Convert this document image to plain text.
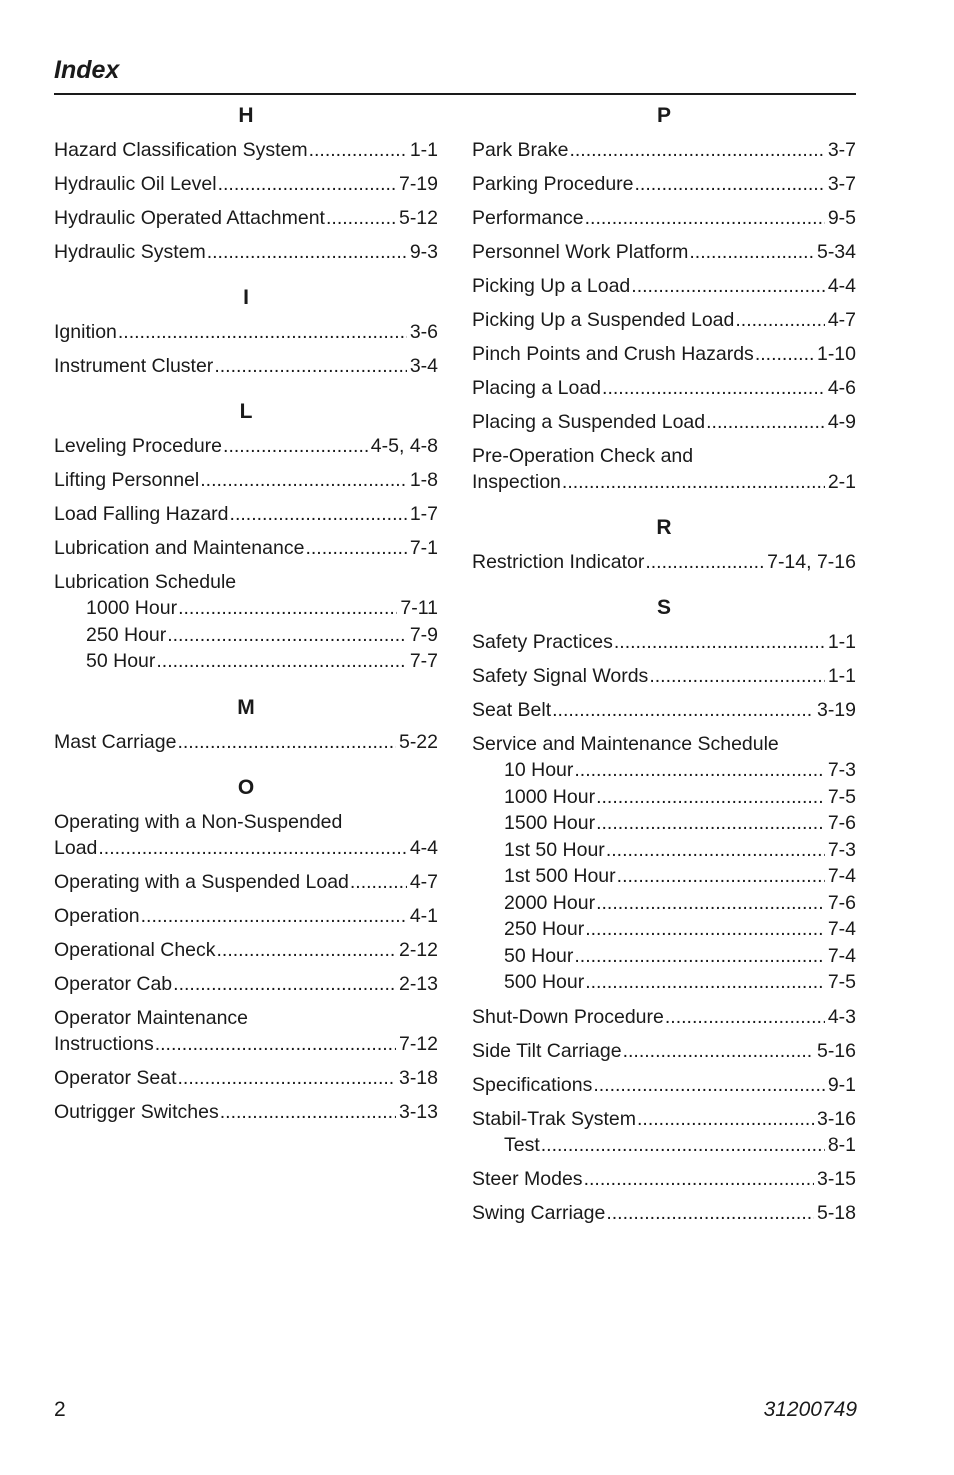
Index
H
Hazard Classification System .....	1-1
Hydraulic Oil Level .....	7-19
Hydraulic Operated Attachment .....	5-12
Hydraulic System .....	9-3
I
Ignition .....	3-6
Instrument Cluster .....	3-4
L
Leveling Procedure .....	4-5, 4-8
Lifting Personnel .....	1-8
Load Falling Hazard .....	1-7
Lubrication and Maintenance .....	7-1
Lubrication Schedule
1000 Hour .....	7-11
250 Hour .....	7-9
50 Hour .....	7-7
M
Mast Carriage .....	5-22
O
Operating with a Non-Suspended
Load .....	4-4
Operating with a Suspended Load .....	4-7
Operation .....	4-1
Operational Check .....	2-12
Operator Cab .....	2-13
Operator Maintenance
Instructions .....	7-12
Operator Seat .....	3-18
Outrigger Switches .....	3-13
P
Park Brake .....	3-7
Parking Procedure .....	3-7
Performance .....	9-5
Personnel Work Platform .....	5-34
Picking Up a Load .....	4-4
Picking Up a Suspended Load .....	4-7
Pinch Points and Crush Hazards .....	1-10
Placing a Load .....	4-6
Placing a Suspended Load .....	4-9
Pre-Operation Check and
Inspection .....	2-1
R
Restriction Indicator .....	7-14, 7-16
S
Safety Practices .....	1-1
Safety Signal Words .....	1-1
Seat Belt .....	3-19
Service and Maintenance Schedule
10 Hour .....	7-3
1000 Hour .....	7-5
1500 Hour .....	7-6
1st 50 Hour .....	7-3
1st 500 Hour .....	7-4
2000 Hour .....	7-6
250 Hour .....	7-4
50 Hour .....	7-4
500 Hour .....	7-5
Shut-Down Procedure .....	4-3
Side Tilt Carriage .....	5-16
Specifications .....	9-1
Stabil-Trak System .....	3-16
Test .....	8-1
Steer Modes .....	3-15
Swing Carriage .....	5-18
2	31200749
